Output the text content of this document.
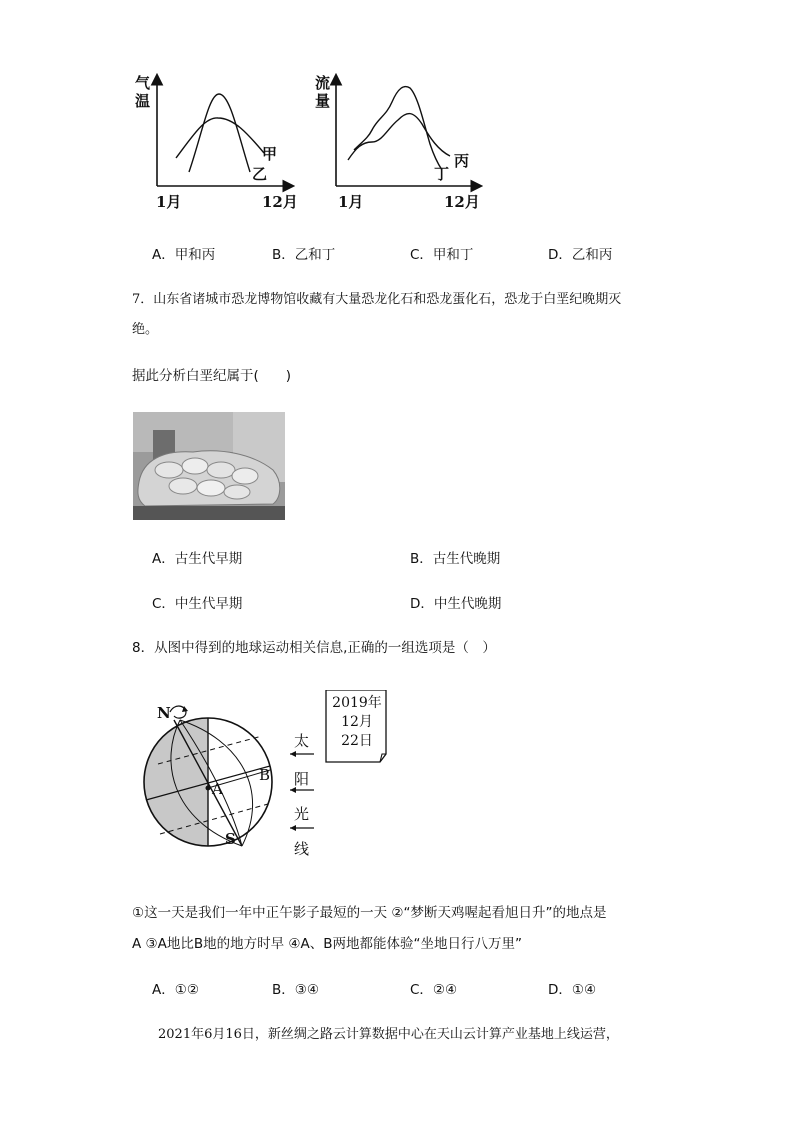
气温
1月	12月
甲
乙
流量
1月	12月
丙
丁
A．甲和丙	B．乙和丁	C．甲和丁	D．乙和丙
7．山东省诸城市恐龙博物馆收藏有大量恐龙化石和恐龙蛋化石，恐龙于白垩纪晚期灭
绝。
据此分析白垩纪属于(　　)
A．古生代早期	B．古生代晚期
C．中生代早期	D．中生代晚期
8．从图中得到的地球运动相关信息,正确的一组选项是（　）
N
S
A
B
2019年
12月
22日
太
阳
光
线
①这一天是我们一年中正午影子最短的一天 ②“梦断天鸡喔起看旭日升”的地点是
A ③A地比B地的地方时早 ④A、B两地都能体验“坐地日行八万里”
A．①②	B．③④	C．②④	D．①④
2021年6月16日，新丝绸之路云计算数据中心在天山云计算产业基地上线运营，
